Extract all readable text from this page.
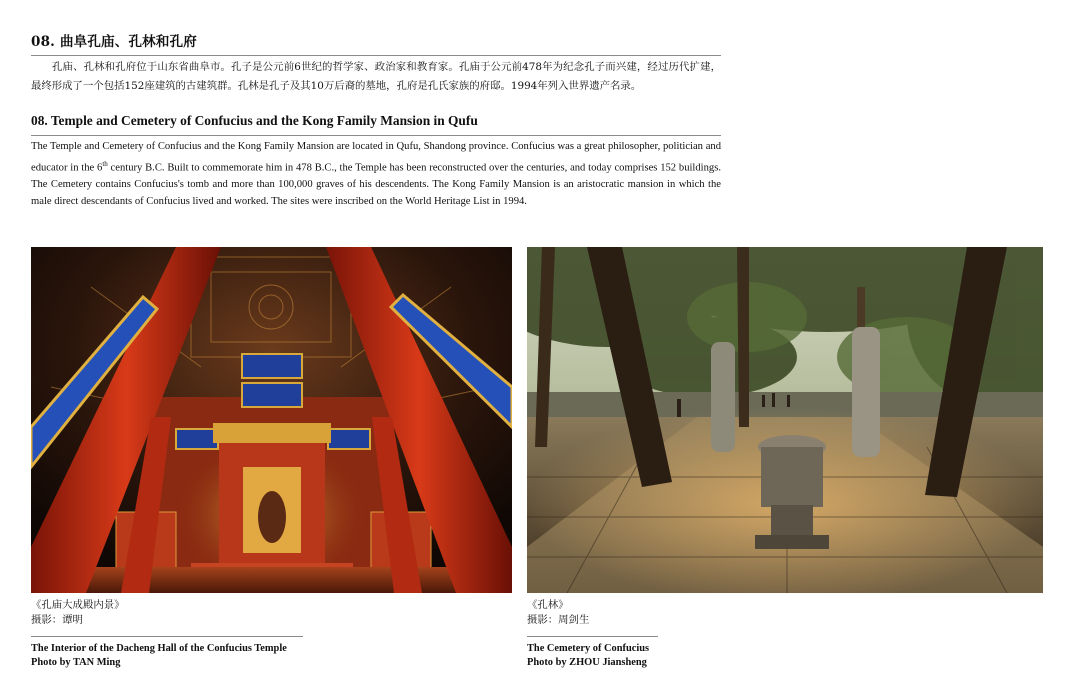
08. 曲阜孔庙、孔林和孔府
孔庙、孔林和孔府位于山东省曲阜市。孔子是公元前6世纪的哲学家、政治家和教育家。孔庙于公元前478年为纪念孔子而兴建，经过历代扩建，最终形成了一个包括152座建筑的古建筑群。孔林是孔子及其10万后裔的墓地，孔府是孔氏家族的府邸。1994年列入世界遗产名录。
08. Temple and Cemetery of Confucius and the Kong Family Mansion in Qufu
The Temple and Cemetery of Confucius and the Kong Family Mansion are located in Qufu, Shandong province. Confucius was a great philosopher, politician and educator in the 6th century B.C. Built to commemorate him in 478 B.C., the Temple has been reconstructed over the centuries, and today comprises 152 buildings. The Cemetery contains Confucius's tomb and more than 100,000 graves of his descendents. The Kong Family Mansion is an aristocratic mansion in which the male direct descendants of Confucius lived and worked. The sites were inscribed on the World Heritage List in 1994.
《孔庙大成殿内景》
摄影：谭明
The Interior of the Dacheng Hall of the Confucius Temple
Photo by TAN Ming
《孔林》
摄影：周剑生
The Cemetery of Confucius
Photo by ZHOU Jiansheng
